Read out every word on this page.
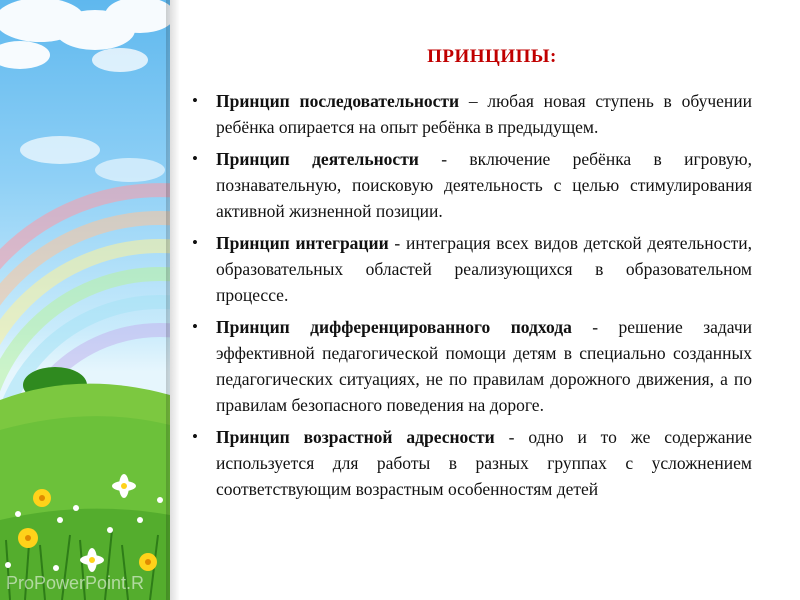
ProPowerPoint.R
ПРИНЦИПЫ:
• Принцип последовательности – любая новая ступень в обучении ребёнка опирается на опыт ребёнка в предыдущем.
• Принцип деятельности - включение ребёнка в игровую, познавательную, поисковую деятельность с целью стимулирования активной жизненной позиции.
• Принцип интеграции - интеграция всех видов детской деятельности, образовательных областей реализующихся в образовательном процессе.
• Принцип дифференцированного подхода - решение задачи эффективной педагогической помощи детям в специально созданных педагогических ситуациях, не по правилам дорожного движения, а по правилам безопасного поведения на дороге.
• Принцип возрастной адресности - одно и то же содержание используется для работы в разных группах с усложнением соответствующим возрастным особенностям детей
